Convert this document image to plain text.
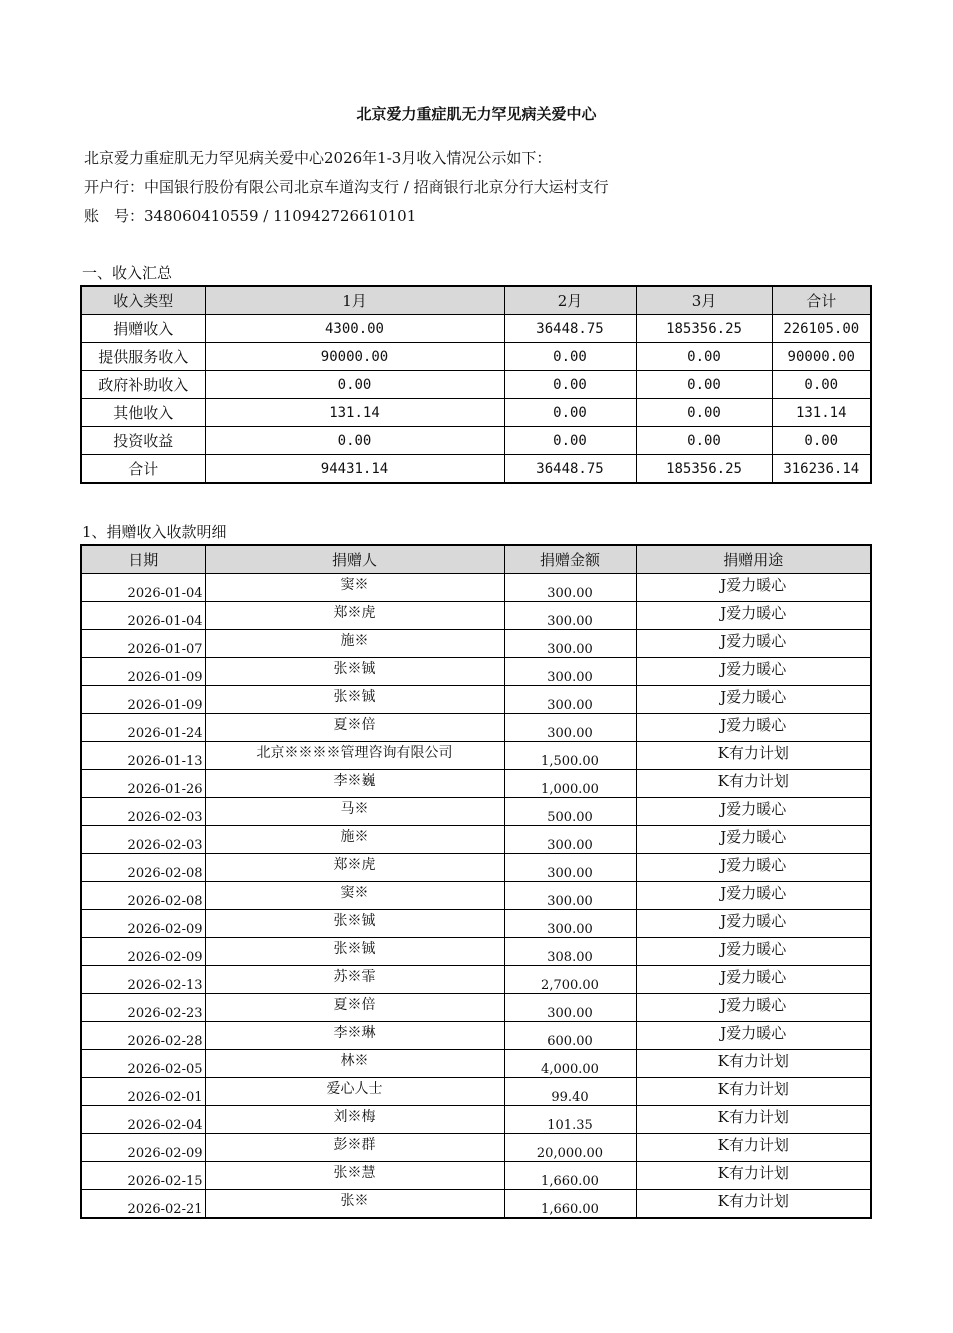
北京爱力重症肌无力罕见病关爱中心
北京爱力重症肌无力罕见病关爱中心2026年1-3月收入情况公示如下：
开户行：中国银行股份有限公司北京车道沟支行 / 招商银行北京分行大运村支行
账　号：348060410559 / 110942726610101
一、收入汇总
收入类型	1月	2月	3月	合计
捐赠收入	4300.00	36448.75	185356.25	226105.00
提供服务收入	90000.00	0.00	0.00	90000.00
政府补助收入	0.00	0.00	0.00	0.00
其他收入	131.14	0.00	0.00	131.14
投资收益	0.00	0.00	0.00	0.00
合计	94431.14	36448.75	185356.25	316236.14
1、捐赠收入收款明细
日期	捐赠人	捐赠金额	捐赠用途
2026-01-04	窦※	300.00	J爱力暖心
2026-01-04	郑※虎	300.00	J爱力暖心
2026-01-07	施※	300.00	J爱力暖心
2026-01-09	张※铖	300.00	J爱力暖心
2026-01-09	张※铖	300.00	J爱力暖心
2026-01-24	夏※倍	300.00	J爱力暖心
2026-01-13	北京※※※※管理咨询有限公司	1,500.00	K有力计划
2026-01-26	李※巍	1,000.00	K有力计划
2026-02-03	马※	500.00	J爱力暖心
2026-02-03	施※	300.00	J爱力暖心
2026-02-08	郑※虎	300.00	J爱力暖心
2026-02-08	窦※	300.00	J爱力暖心
2026-02-09	张※铖	300.00	J爱力暖心
2026-02-09	张※铖	308.00	J爱力暖心
2026-02-13	苏※霏	2,700.00	J爱力暖心
2026-02-23	夏※倍	300.00	J爱力暖心
2026-02-28	李※琳	600.00	J爱力暖心
2026-02-05	林※	4,000.00	K有力计划
2026-02-01	爱心人士	99.40	K有力计划
2026-02-04	刘※梅	101.35	K有力计划
2026-02-09	彭※群	20,000.00	K有力计划
2026-02-15	张※慧	1,660.00	K有力计划
2026-02-21	张※	1,660.00	K有力计划
